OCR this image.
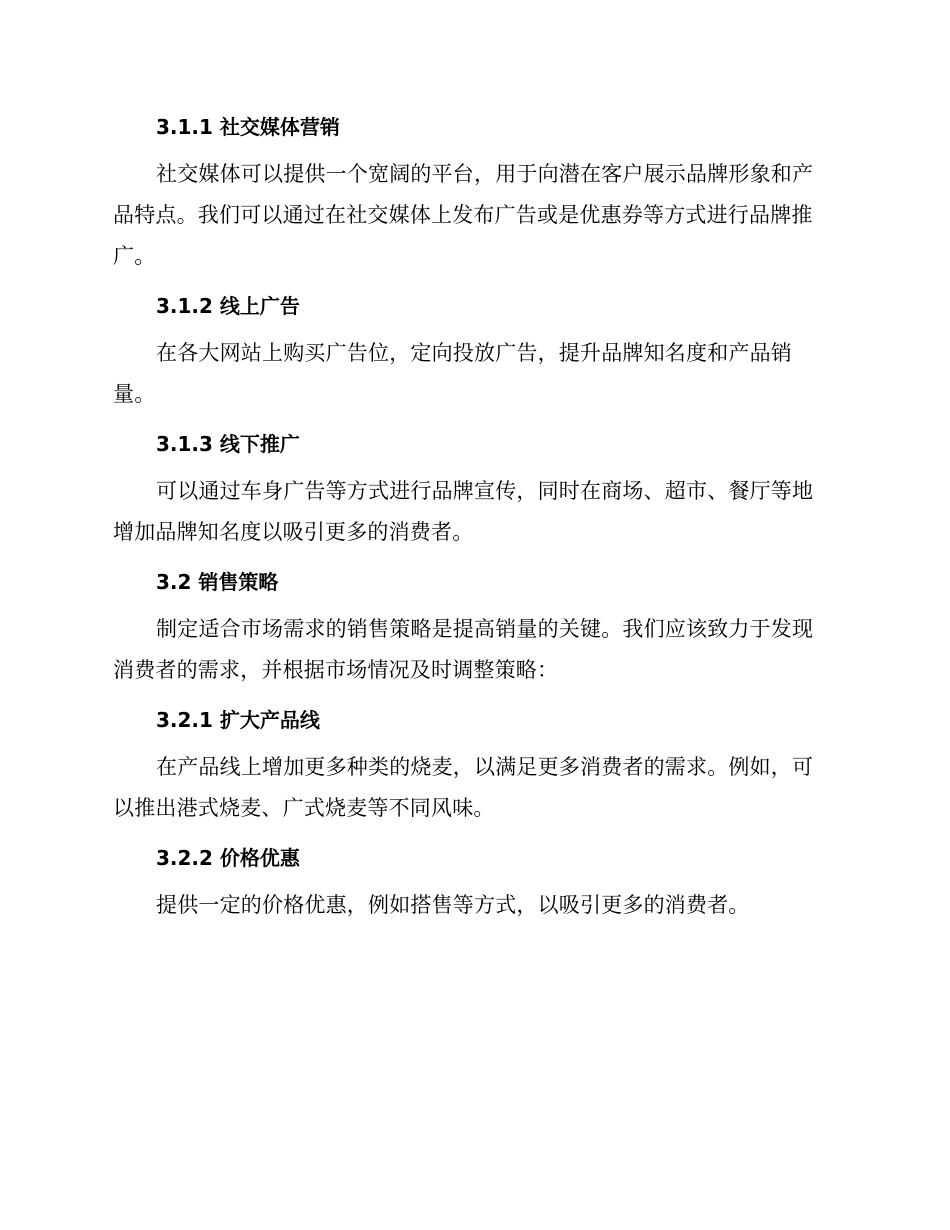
3.1.1 社交媒体营销

社交媒体可以提供一个宽阔的平台，用于向潜在客户展示品牌形象和产品特点。我们可以通过在社交媒体上发布广告或是优惠券等方式进行品牌推广。

3.1.2 线上广告

在各大网站上购买广告位，定向投放广告，提升品牌知名度和产品销量。

3.1.3 线下推广

可以通过车身广告等方式进行品牌宣传，同时在商场、超市、餐厅等地增加品牌知名度以吸引更多的消费者。

3.2 销售策略

制定适合市场需求的销售策略是提高销量的关键。我们应该致力于发现消费者的需求，并根据市场情况及时调整策略：

3.2.1 扩大产品线

在产品线上增加更多种类的烧麦，以满足更多消费者的需求。例如，可以推出港式烧麦、广式烧麦等不同风味。

3.2.2 价格优惠

提供一定的价格优惠，例如搭售等方式，以吸引更多的消费者。
